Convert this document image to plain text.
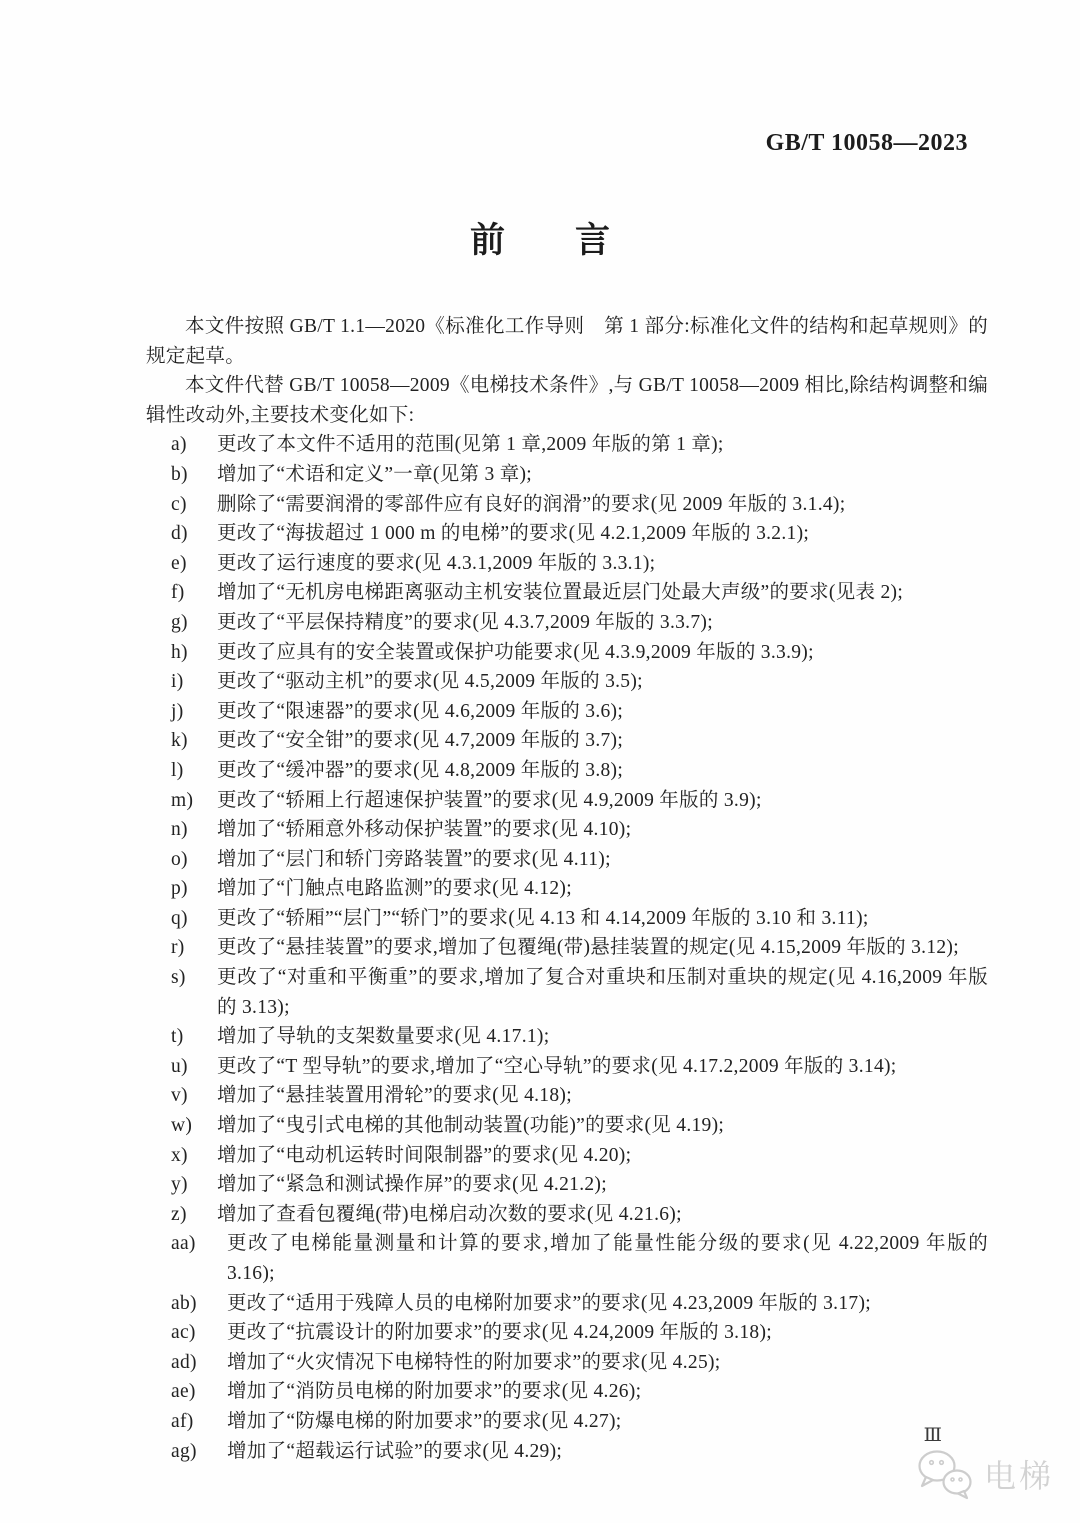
GB/T 10058—2023
前　　言

本文件按照 GB/T 1.1—2020《标准化工作导则　第 1 部分:标准化文件的结构和起草规则》的规定起草。

本文件代替 GB/T 10058—2009《电梯技术条件》,与 GB/T 10058—2009 相比,除结构调整和编辑性改动外,主要技术变化如下:

a)	更改了本文件不适用的范围(见第 1 章,2009 年版的第 1 章);
b)	增加了“术语和定义”一章(见第 3 章);
c)	删除了“需要润滑的零部件应有良好的润滑”的要求(见 2009 年版的 3.1.4);
d)	更改了“海拔超过 1 000 m 的电梯”的要求(见 4.2.1,2009 年版的 3.2.1);
e)	更改了运行速度的要求(见 4.3.1,2009 年版的 3.3.1);
f)	增加了“无机房电梯距离驱动主机安装位置最近层门处最大声级”的要求(见表 2);
g)	更改了“平层保持精度”的要求(见 4.3.7,2009 年版的 3.3.7);
h)	更改了应具有的安全装置或保护功能要求(见 4.3.9,2009 年版的 3.3.9);
i)	更改了“驱动主机”的要求(见 4.5,2009 年版的 3.5);
j)	更改了“限速器”的要求(见 4.6,2009 年版的 3.6);
k)	更改了“安全钳”的要求(见 4.7,2009 年版的 3.7);
l)	更改了“缓冲器”的要求(见 4.8,2009 年版的 3.8);
m)	更改了“轿厢上行超速保护装置”的要求(见 4.9,2009 年版的 3.9);
n)	增加了“轿厢意外移动保护装置”的要求(见 4.10);
o)	增加了“层门和轿门旁路装置”的要求(见 4.11);
p)	增加了“门触点电路监测”的要求(见 4.12);
q)	更改了“轿厢”“层门”“轿门”的要求(见 4.13 和 4.14,2009 年版的 3.10 和 3.11);
r)	更改了“悬挂装置”的要求,增加了包覆绳(带)悬挂装置的规定(见 4.15,2009 年版的 3.12);
s)	更改了“对重和平衡重”的要求,增加了复合对重块和压制对重块的规定(见 4.16,2009 年版的 3.13);
t)	增加了导轨的支架数量要求(见 4.17.1);
u)	更改了“T 型导轨”的要求,增加了“空心导轨”的要求(见 4.17.2,2009 年版的 3.14);
v)	增加了“悬挂装置用滑轮”的要求(见 4.18);
w)	增加了“曳引式电梯的其他制动装置(功能)”的要求(见 4.19);
x)	增加了“电动机运转时间限制器”的要求(见 4.20);
y)	增加了“紧急和测试操作屏”的要求(见 4.21.2);
z)	增加了查看包覆绳(带)电梯启动次数的要求(见 4.21.6);
aa)	更改了电梯能量测量和计算的要求,增加了能量性能分级的要求(见 4.22,2009 年版的3.16);
ab)	更改了“适用于残障人员的电梯附加要求”的要求(见 4.23,2009 年版的 3.17);
ac)	更改了“抗震设计的附加要求”的要求(见 4.24,2009 年版的 3.18);
ad)	增加了“火灾情况下电梯特性的附加要求”的要求(见 4.25);
ae)	增加了“消防员电梯的附加要求”的要求(见 4.26);
af)	增加了“防爆电梯的附加要求”的要求(见 4.27);
ag)	增加了“超载运行试验”的要求(见 4.29);
Ⅲ
电梯
